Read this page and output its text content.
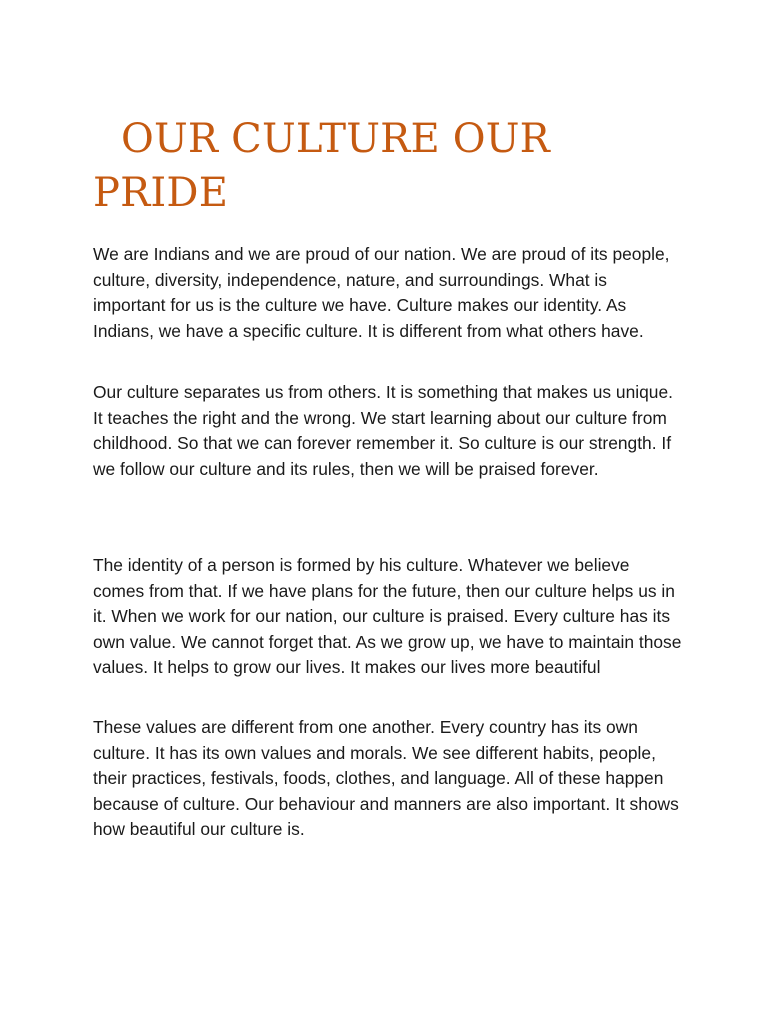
OUR CULTURE OUR PRIDE

We are Indians and we are proud of our nation. We are proud of its people, culture, diversity, independence, nature, and surroundings. What is important for us is the culture we have. Culture makes our identity. As Indians, we have a specific culture. It is different from what others have.

Our culture separates us from others. It is something that makes us unique. It teaches the right and the wrong. We start learning about our culture from childhood. So that we can forever remember it. So culture is our strength. If we follow our culture and its rules, then we will be praised forever.

The identity of a person is formed by his culture. Whatever we believe comes from that. If we have plans for the future, then our culture helps us in it. When we work for our nation, our culture is praised. Every culture has its own value. We cannot forget that. As we grow up, we have to maintain those values. It helps to grow our lives. It makes our lives more beautiful

These values are different from one another. Every country has its own culture. It has its own values and morals. We see different habits, people, their practices, festivals, foods, clothes, and language. All of these happen because of culture. Our behaviour and manners are also important. It shows how beautiful our culture is.
